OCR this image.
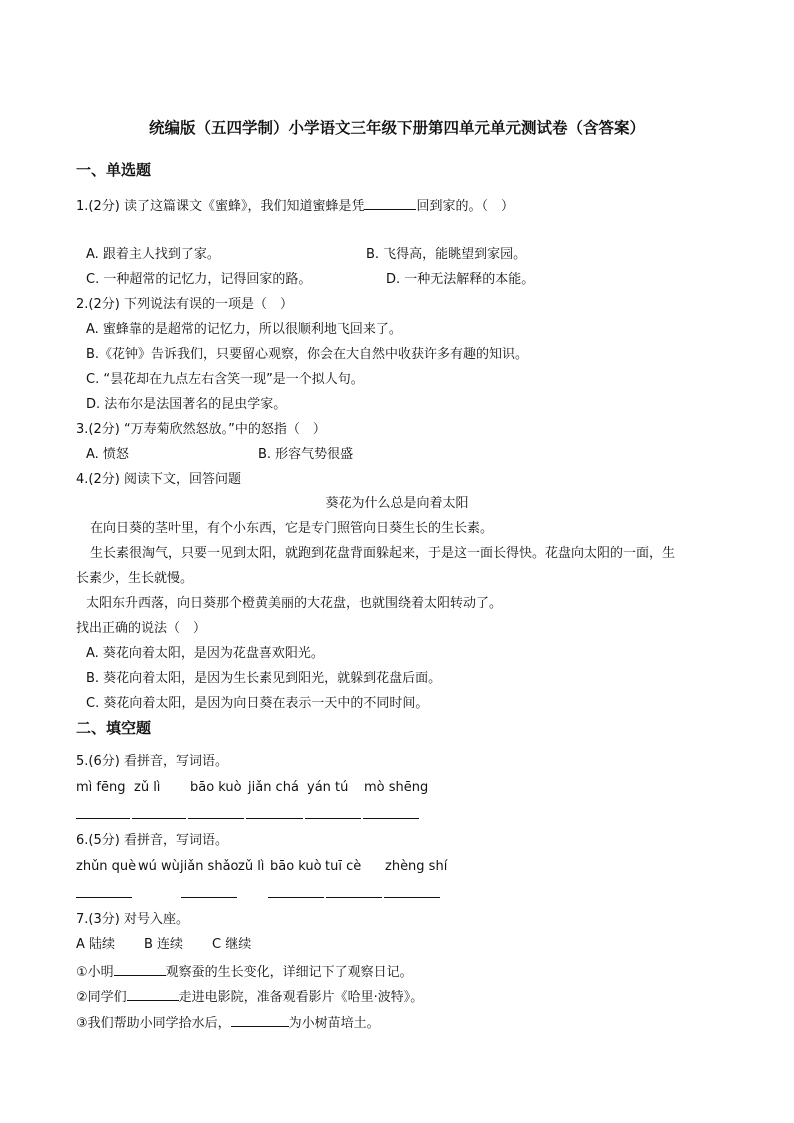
统编版（五四学制）小学语文三年级下册第四单元单元测试卷（含答案）
一、单选题
1.(2分) 读了这篇课文《蜜蜂》，我们知道蜜蜂是凭	回到家的。（　）
A. 跟着主人找到了家。	B. 飞得高，能眺望到家园。
C. 一种超常的记忆力，记得回家的路。	D. 一种无法解释的本能。
2.(2分) 下列说法有误的一项是（　）
A. 蜜蜂靠的是超常的记忆力，所以很顺利地飞回来了。
B.《花钟》告诉我们，只要留心观察，你会在大自然中收获许多有趣的知识。
C. “昙花却在九点左右含笑一现”是一个拟人句。
D. 法布尔是法国著名的昆虫学家。
3.(2分) “万寿菊欣然怒放。”中的怒指（　）
A. 愤怒	B. 形容气势很盛
4.(2分) 阅读下文，回答问题
葵花为什么总是向着太阳
在向日葵的茎叶里，有个小东西，它是专门照管向日葵生长的生长素。
生长素很淘气，只要一见到太阳，就跑到花盘背面躲起来，于是这一面长得快。花盘向太阳的一面，生
长素少，生长就慢。
太阳东升西落，向日葵那个橙黄美丽的大花盘，也就围绕着太阳转动了。
找出正确的说法（　）
A. 葵花向着太阳，是因为花盘喜欢阳光。
B. 葵花向着太阳，是因为生长素见到阳光，就躲到花盘后面。
C. 葵花向着太阳，是因为向日葵在表示一天中的不同时间。
二、填空题
5.(6分) 看拼音，写词语。
mì fēng zǔ lì bāo kuò jiǎn chá yán tú mò shēng
6.(5分) 看拼音，写词语。
zhǔn què wú wù jiǎn shǎo zǔ lì bāo kuò tuī cè zhèng shí
7.(3分) 对号入座。
A 陆续 B 连续 C 继续
①小明	观察蚕的生长变化，详细记下了观察日记。
②同学们	走进电影院，准备观看影片《哈里·波特》。
③我们帮助小同学拾水后，	为小树苗培土。
